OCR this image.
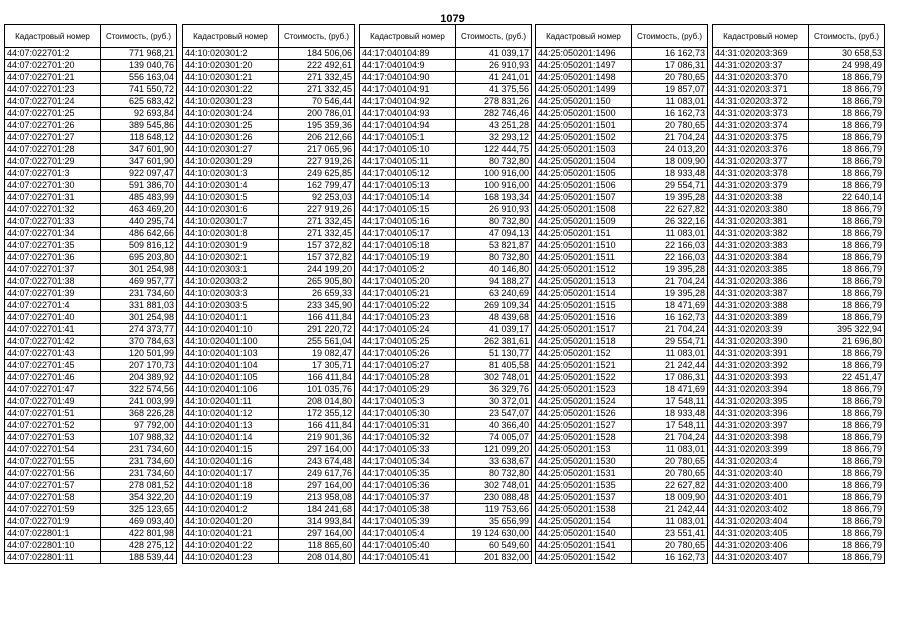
1079
Кадастровый номер	Стоимость, (руб.)
44:07:022701:2	771 968,21
44:07:022701:20	139 040,76
44:07:022701:21	556 163,04
44:07:022701:23	741 550,72
44:07:022701:24	625 683,42
44:07:022701:25	92 693,84
44:07:022701:26	389 545,86
44:07:022701:27	118 648,12
44:07:022701:28	347 601,90
44:07:022701:29	347 601,90
44:07:022701:3	922 097,47
44:07:022701:30	591 386,70
44:07:022701:31	485 483,99
44:07:022701:32	463 469,20
44:07:022701:33	440 295,74
44:07:022701:34	486 642,66
44:07:022701:35	509 816,12
44:07:022701:36	695 203,80
44:07:022701:37	301 254,98
44:07:022701:38	469 957,77
44:07:022701:39	231 734,60
44:07:022701:4	331 881,03
44:07:022701:40	301 254,98
44:07:022701:41	274 373,77
44:07:022701:42	370 784,63
44:07:022701:43	120 501,99
44:07:022701:45	207 170,73
44:07:022701:46	204 389,92
44:07:022701:47	322 574,56
44:07:022701:49	241 003,99
44:07:022701:51	368 226,28
44:07:022701:52	97 792,00
44:07:022701:53	107 988,32
44:07:022701:54	231 734,60
44:07:022701:55	231 734,60
44:07:022701:56	231 734,60
44:07:022701:57	278 081,52
44:07:022701:58	354 322,20
44:07:022701:59	325 123,65
44:07:022701:9	469 093,40
44:07:022801:1	422 801,98
44:07:022801:10	428 275,12
44:07:022801:11	188 539,44
Кадастровый номер	Стоимость, (руб.)
44:10:020301:2	184 506,06
44:10:020301:20	222 492,61
44:10:020301:21	271 332,45
44:10:020301:22	271 332,45
44:10:020301:23	70 546,44
44:10:020301:24	200 786,01
44:10:020301:25	195 359,36
44:10:020301:26	206 212,66
44:10:020301:27	217 065,96
44:10:020301:29	227 919,26
44:10:020301:3	249 625,85
44:10:020301:4	162 799,47
44:10:020301:5	92 253,03
44:10:020301:6	227 919,26
44:10:020301:7	271 332,45
44:10:020301:8	271 332,45
44:10:020301:9	157 372,82
44:10:020302:1	157 372,82
44:10:020303:1	244 199,20
44:10:020303:2	265 905,80
44:10:020303:3	26 659,33
44:10:020303:5	233 345,90
44:10:020401:1	166 411,84
44:10:020401:10	291 220,72
44:10:020401:100	255 561,04
44:10:020401:103	19 082,47
44:10:020401:104	17 305,71
44:10:020401:105	166 411,84
44:10:020401:106	101 035,76
44:10:020401:11	208 014,80
44:10:020401:12	172 355,12
44:10:020401:13	166 411,84
44:10:020401:14	219 901,36
44:10:020401:15	297 164,00
44:10:020401:16	243 674,48
44:10:020401:17	249 617,76
44:10:020401:18	297 164,00
44:10:020401:19	213 958,08
44:10:020401:2	184 241,68
44:10:020401:20	314 993,84
44:10:020401:21	297 164,00
44:10:020401:22	118 865,60
44:10:020401:23	208 014,80
Кадастровый номер	Стоимость, (руб.)
44:17:040104:89	41 039,17
44:17:040104:9	26 910,93
44:17:040104:90	41 241,01
44:17:040104:91	41 375,56
44:17:040104:92	278 831,26
44:17:040104:93	282 746,46
44:17:040104:94	43 251,28
44:17:040105:1	32 293,12
44:17:040105:10	122 444,75
44:17:040105:11	80 732,80
44:17:040105:12	100 916,00
44:17:040105:13	100 916,00
44:17:040105:14	168 193,34
44:17:040105:15	26 910,93
44:17:040105:16	80 732,80
44:17:040105:17	47 094,13
44:17:040105:18	53 821,87
44:17:040105:19	80 732,80
44:17:040105:2	40 146,80
44:17:040105:20	94 188,27
44:17:040105:21	63 240,69
44:17:040105:22	269 109,34
44:17:040105:23	48 439,68
44:17:040105:24	41 039,17
44:17:040105:25	262 381,61
44:17:040105:26	51 130,77
44:17:040105:27	81 405,58
44:17:040105:28	302 748,01
44:17:040105:29	36 329,76
44:17:040105:3	30 372,01
44:17:040105:30	23 547,07
44:17:040105:31	40 366,40
44:17:040105:32	74 005,07
44:17:040105:33	121 099,20
44:17:040105:34	33 638,67
44:17:040105:35	80 732,80
44:17:040105:36	302 748,01
44:17:040105:37	230 088,48
44:17:040105:38	119 753,66
44:17:040105:39	35 656,99
44:17:040105:4	19 124 630,00
44:17:040105:40	60 549,60
44:17:040105:41	201 832,00
Кадастровый номер	Стоимость, (руб.)
44:25:050201:1496	16 162,73
44:25:050201:1497	17 086,31
44:25:050201:1498	20 780,65
44:25:050201:1499	19 857,07
44:25:050201:150	11 083,01
44:25:050201:1500	16 162,73
44:25:050201:1501	20 780,65
44:25:050201:1502	21 704,24
44:25:050201:1503	24 013,20
44:25:050201:1504	18 009,90
44:25:050201:1505	18 933,48
44:25:050201:1506	29 554,71
44:25:050201:1507	19 395,28
44:25:050201:1508	22 627,82
44:25:050201:1509	26 322,16
44:25:050201:151	11 083,01
44:25:050201:1510	22 166,03
44:25:050201:1511	22 166,03
44:25:050201:1512	19 395,28
44:25:050201:1513	21 704,24
44:25:050201:1514	19 395,28
44:25:050201:1515	18 471,69
44:25:050201:1516	16 162,73
44:25:050201:1517	21 704,24
44:25:050201:1518	29 554,71
44:25:050201:152	11 083,01
44:25:050201:1521	21 242,44
44:25:050201:1522	17 086,31
44:25:050201:1523	18 471,69
44:25:050201:1524	17 548,11
44:25:050201:1526	18 933,48
44:25:050201:1527	17 548,11
44:25:050201:1528	21 704,24
44:25:050201:153	11 083,01
44:25:050201:1530	20 780,65
44:25:050201:1531	20 780,65
44:25:050201:1535	22 627,82
44:25:050201:1537	18 009,90
44:25:050201:1538	21 242,44
44:25:050201:154	11 083,01
44:25:050201:1540	23 551,41
44:25:050201:1541	20 780,65
44:25:050201:1542	16 162,73
Кадастровый номер	Стоимость, (руб.)
44:31:020203:369	30 658,53
44:31:020203:37	24 998,49
44:31:020203:370	18 866,79
44:31:020203:371	18 866,79
44:31:020203:372	18 866,79
44:31:020203:373	18 866,79
44:31:020203:374	18 866,79
44:31:020203:375	18 866,79
44:31:020203:376	18 866,79
44:31:020203:377	18 866,79
44:31:020203:378	18 866,79
44:31:020203:379	18 866,79
44:31:020203:38	22 640,14
44:31:020203:380	18 866,79
44:31:020203:381	18 866,79
44:31:020203:382	18 866,79
44:31:020203:383	18 866,79
44:31:020203:384	18 866,79
44:31:020203:385	18 866,79
44:31:020203:386	18 866,79
44:31:020203:387	18 866,79
44:31:020203:388	18 866,79
44:31:020203:389	18 866,79
44:31:020203:39	395 322,94
44:31:020203:390	21 696,80
44:31:020203:391	18 866,79
44:31:020203:392	18 866,79
44:31:020203:393	22 451,47
44:31:020203:394	18 866,79
44:31:020203:395	18 866,79
44:31:020203:396	18 866,79
44:31:020203:397	18 866,79
44:31:020203:398	18 866,79
44:31:020203:399	18 866,79
44:31:020203:4	18 866,79
44:31:020203:40	18 866,79
44:31:020203:400	18 866,79
44:31:020203:401	18 866,79
44:31:020203:402	18 866,79
44:31:020203:404	18 866,79
44:31:020203:405	18 866,79
44:31:020203:406	18 866,79
44:31:020203:407	18 866,79
